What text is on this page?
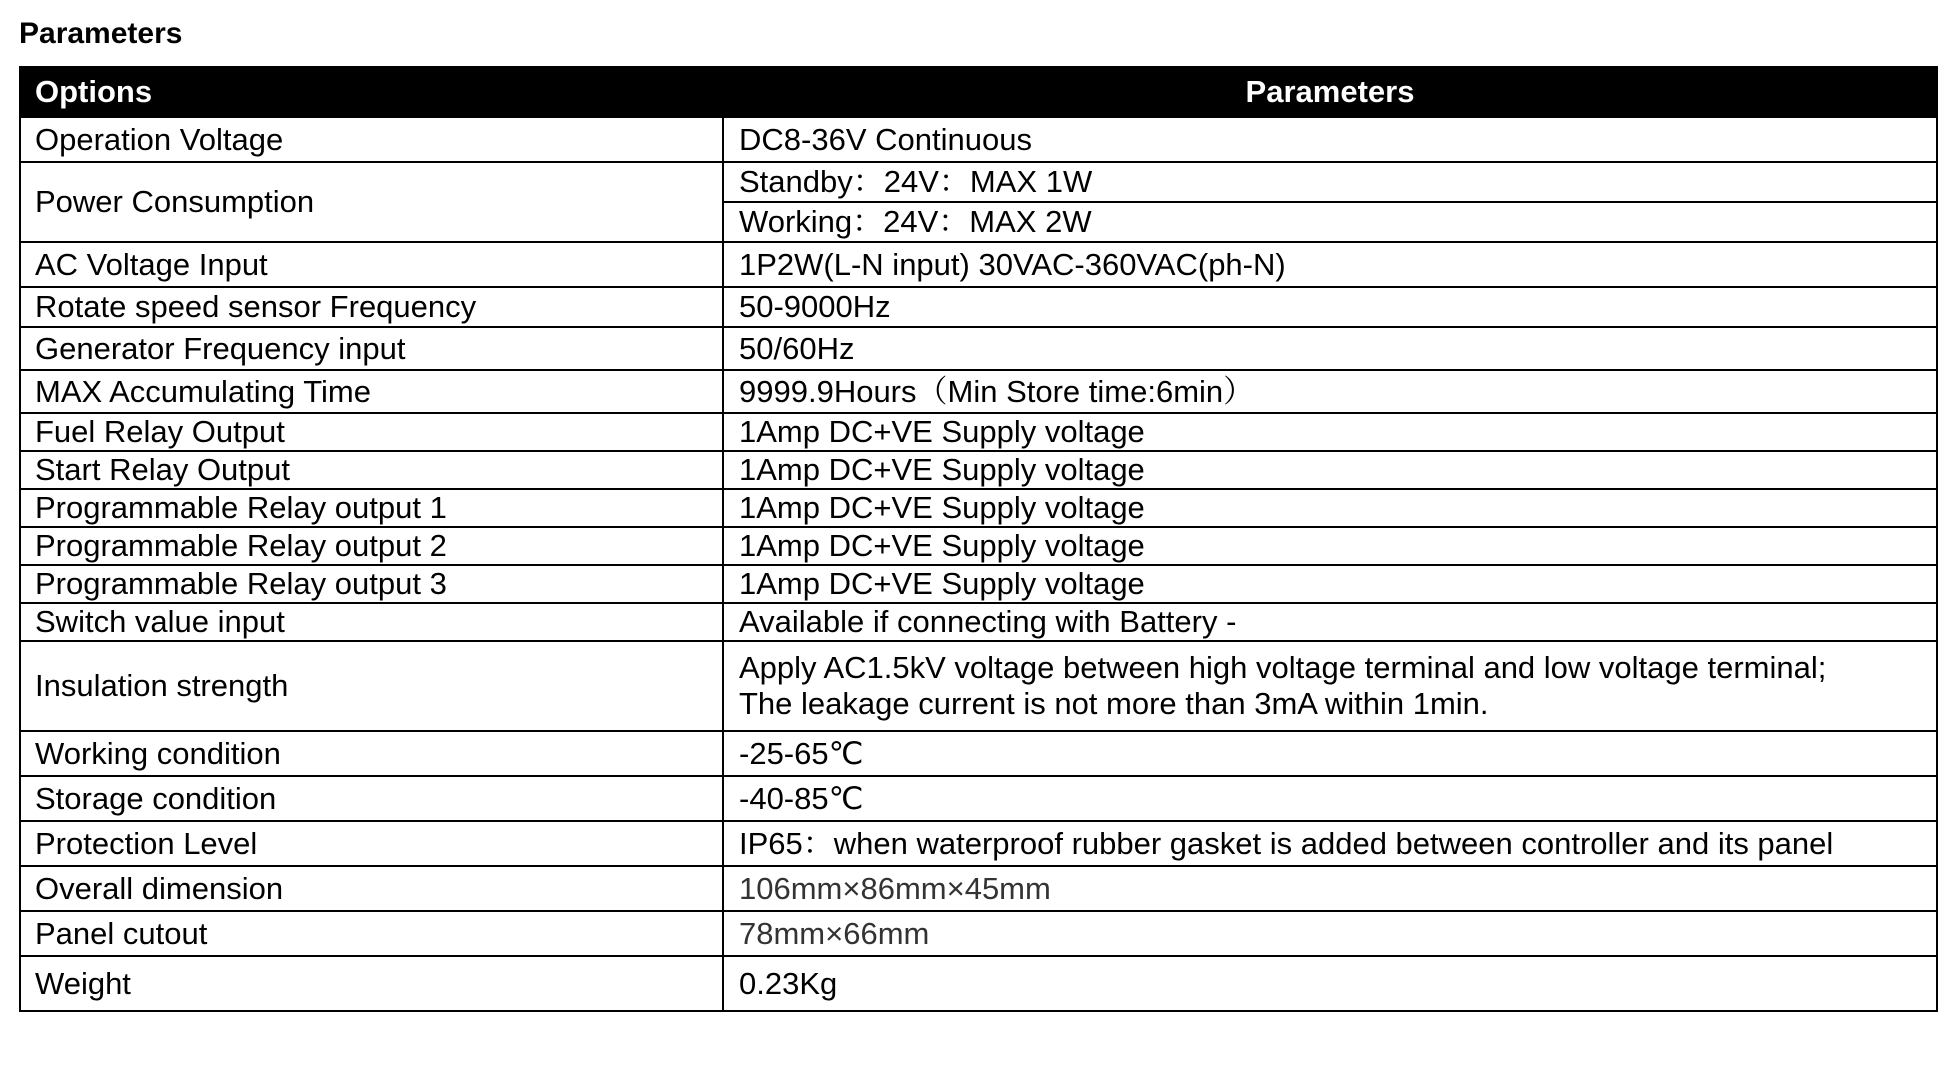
Parameters
Options	Parameters
Operation Voltage	DC8-36V Continuous
Power Consumption	Standby：24V：MAX 1W
	Working：24V：MAX 2W
AC Voltage Input	1P2W(L-N input) 30VAC-360VAC(ph-N)
Rotate speed sensor Frequency	50-9000Hz
Generator Frequency input	50/60Hz
MAX Accumulating Time	9999.9Hours（Min Store time:6min）
Fuel Relay Output	1Amp DC+VE Supply voltage
Start Relay Output	1Amp DC+VE Supply voltage
Programmable Relay output 1	1Amp DC+VE Supply voltage
Programmable Relay output 2	1Amp DC+VE Supply voltage
Programmable Relay output 3	1Amp DC+VE Supply voltage
Switch value input	Available if connecting with Battery -
Insulation strength	Apply AC1.5kV voltage between high voltage terminal and low voltage terminal;
The leakage current is not more than 3mA within 1min.

Working condition	-25-65℃
Storage condition	-40-85℃
Protection Level	IP65：when waterproof rubber gasket is added between controller and its panel
Overall dimension	106mm×86mm×45mm
Panel cutout	78mm×66mm
Weight	0.23Kg
